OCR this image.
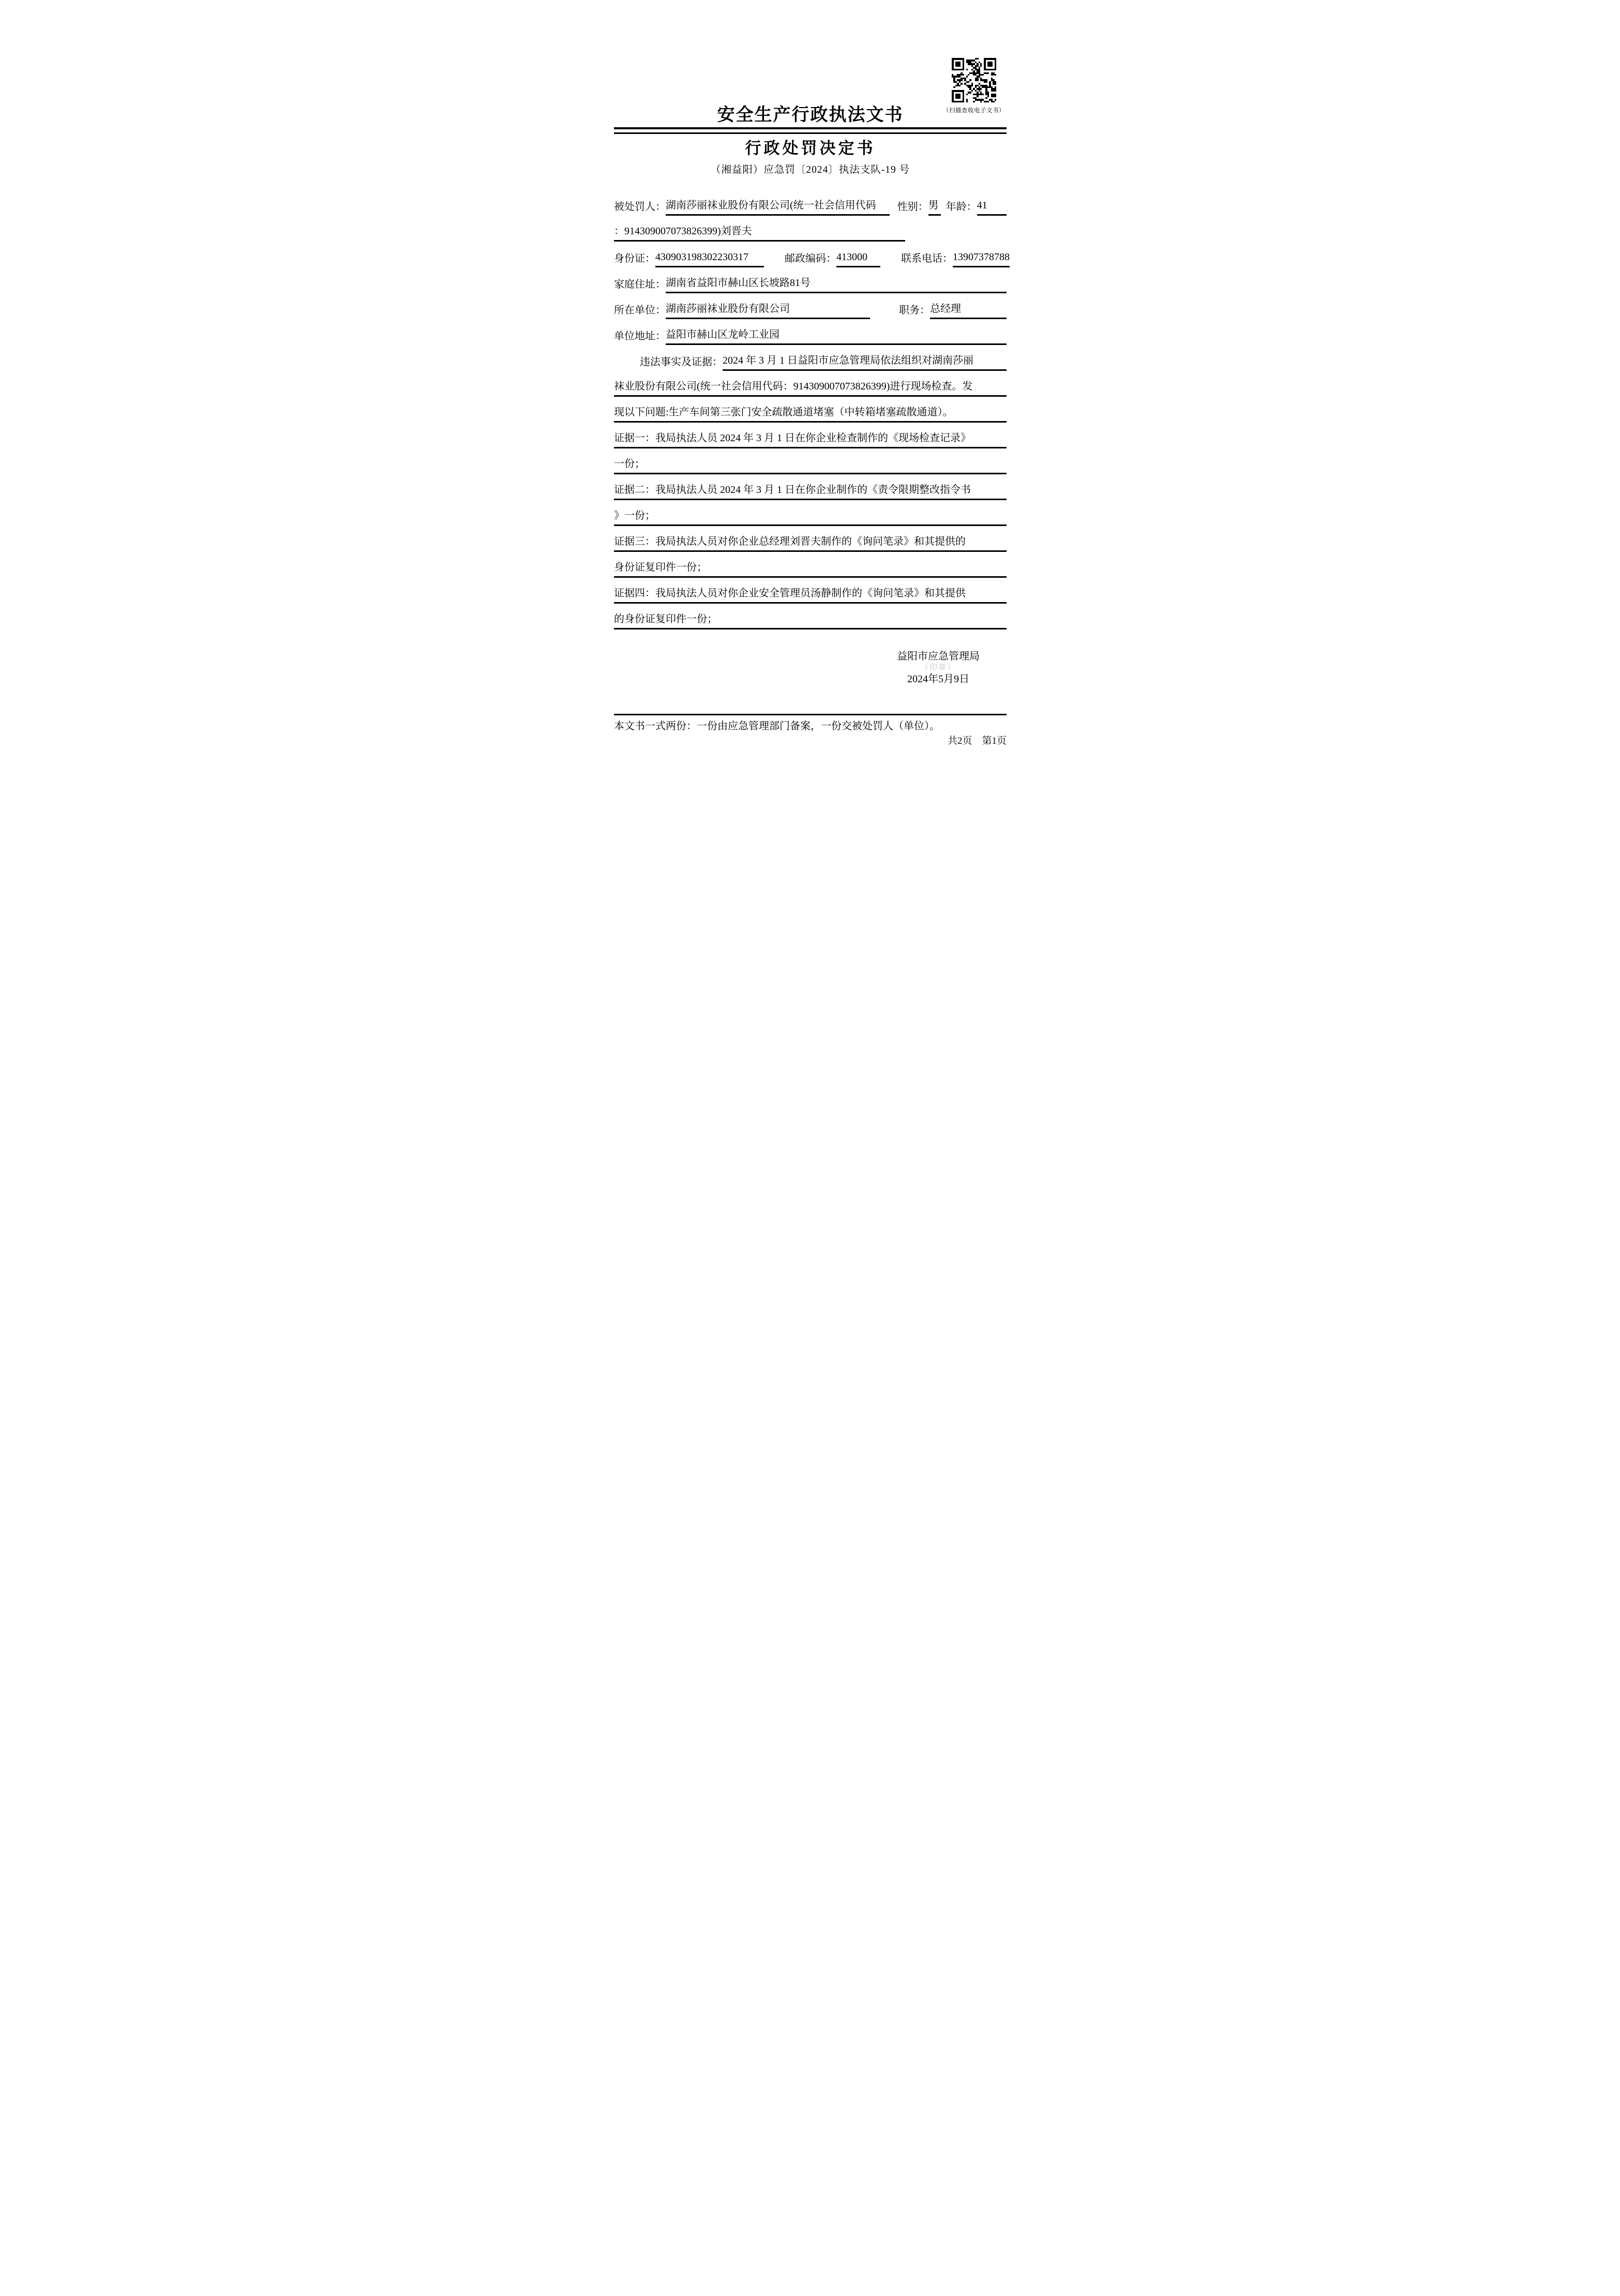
（扫描查收电子文书）
安全生产行政执法文书
行政处罚决定书
（湘益阳）应急罚〔2024〕执法支队-19 号
被处罚人： 湖南莎丽袜业股份有限公司(统一社会信用代码	性别： 男 年龄： 41
：914309007073826399)刘晋夫
身份证： 430903198302230317	邮政编码： 413000	联系电话： 13907378788
家庭住址： 湖南省益阳市赫山区长坡路81号
所在单位： 湖南莎丽袜业股份有限公司	职务： 总经理
单位地址： 益阳市赫山区龙岭工业园
违法事实及证据： 2024 年 3 月 1 日益阳市应急管理局依法组织对湖南莎丽
袜业股份有限公司(统一社会信用代码：914309007073826399)进行现场检查。发
现以下问题:生产车间第三张门安全疏散通道堵塞（中转箱堵塞疏散通道）。
证据一：我局执法人员 2024 年 3 月 1 日在你企业检查制作的《现场检查记录》
一份；
证据二：我局执法人员 2024 年 3 月 1 日在你企业制作的《责令限期整改指令书
》一份；
证据三：我局执法人员对你企业总经理刘晋夫制作的《询问笔录》和其提供的
身份证复印件一份；
证据四：我局执法人员对你企业安全管理员汤静制作的《询问笔录》和其提供
的身份证复印件一份；
益阳市应急管理局
（印章）
2024年5月9日
本文书一式两份：一份由应急管理部门备案，一份交被处罚人（单位）。
共2页　第1页
